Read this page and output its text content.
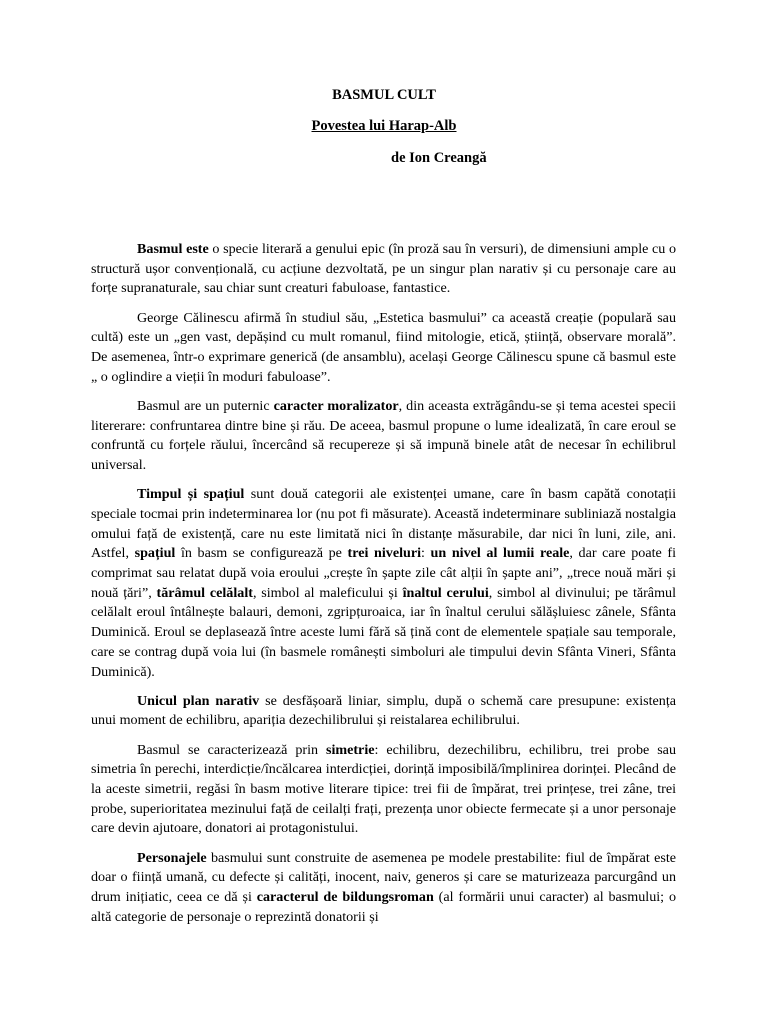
BASMUL CULT
Povestea lui Harap-Alb
de Ion Creangă

Basmul este o specie literară a genului epic (în proză sau în versuri), de dimensiuni ample cu o structură ușor convențională, cu acțiune dezvoltată, pe un singur plan narativ și cu personaje care au forțe supranaturale, sau chiar sunt creaturi fabuloase, fantastice.

George Călinescu afirmă în studiul său, „Estetica basmului” ca această creație (populară sau cultă) este un „gen vast, depășind cu mult romanul, fiind mitologie, etică, știință, observare morală”. De asemenea, într-o exprimare generică (de ansamblu), același George Călinescu spune că basmul este „ o oglindire a vieții în moduri fabuloase”.

Basmul are un puternic caracter moralizator, din aceasta extrăgându-se și tema acestei specii litererare: confruntarea dintre bine și rău. De aceea, basmul propune o lume idealizată, în care eroul se confruntă cu forțele răului, încercând să recupereze și să impună binele atât de necesar în echilibrul universal.

Timpul și spațiul sunt două categorii ale existenței umane, care în basm capătă conotații speciale tocmai prin indeterminarea lor (nu pot fi măsurate). Această indeterminare subliniază nostalgia omului față de existență, care nu este limitată nici în distanțe măsurabile, dar nici în luni, zile, ani. Astfel, spațiul în basm se configurează pe trei niveluri: un nivel al lumii reale, dar care poate fi comprimat sau relatat după voia eroului „crește în șapte zile cât alții în șapte ani”, „trece nouă mări și nouă țări”, tărâmul celălalt, simbol al maleficului și înaltul cerului, simbol al divinului; pe tărâmul celălalt eroul întâlnește balauri, demoni, zgripțuroaica, iar în înaltul cerului sălășluiesc zânele, Sfânta Duminică. Eroul se deplasează între aceste lumi fără să țină cont de elementele spațiale sau temporale, care se contrag după voia lui (în basmele românești simboluri ale timpului devin Sfânta Vineri, Sfânta Duminică).

Unicul plan narativ se desfășoară liniar, simplu, după o schemă care presupune: existența unui moment de echilibru, apariția dezechilibrului și reistalarea echilibrului.

Basmul se caracterizează prin simetrie: echilibru, dezechilibru, echilibru, trei probe sau simetria în perechi, interdicție/încălcarea interdicției, dorință imposibilă/împlinirea dorinței. Plecând de la aceste simetrii, regăsi în basm motive literare tipice: trei fii de împărat, trei prințese, trei zâne, trei probe, superioritatea mezinului față de ceilalți frați, prezența unor obiecte fermecate și a unor personaje care devin ajutoare, donatori ai protagonistului.

Personajele basmului sunt construite de asemenea pe modele prestabilite: fiul de împărat este doar o ființă umană, cu defecte și calități, inocent, naiv, generos și care se maturizeaza parcurgând un drum inițiatic, ceea ce dă și caracterul de bildungsroman (al formării unui caracter) al basmului; o altă categorie de personaje o reprezintă donatorii și
